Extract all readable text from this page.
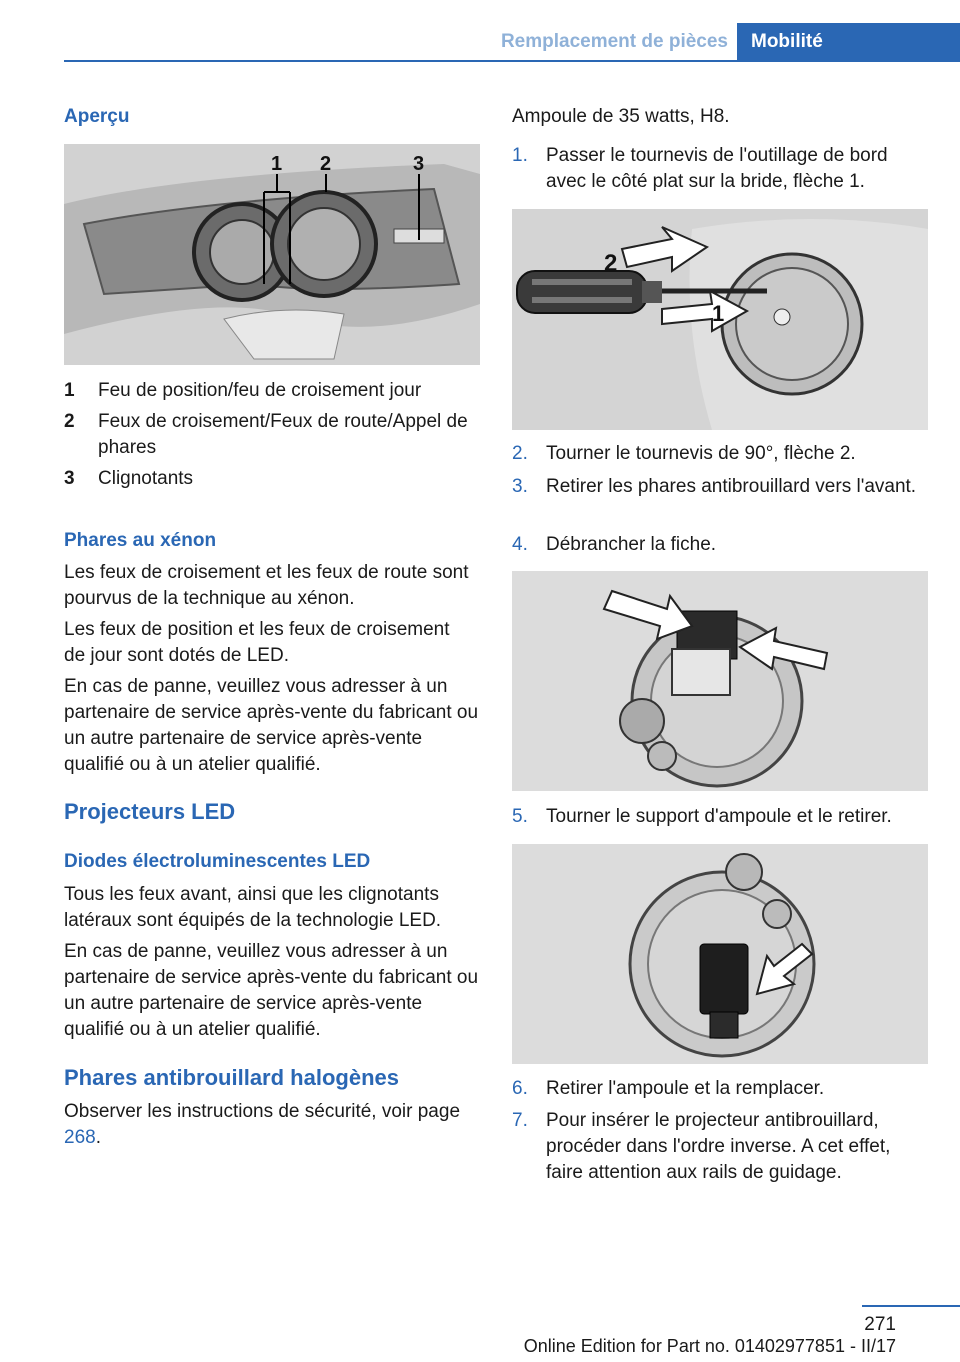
Remplacement de pièces	Mobilité
Aperçu
1 2	3
1	Feu de position/feu de croisement jour
2	Feux de croisement/Feux de route/Appel de phares
3	Clignotants
Phares au xénon

Les feux de croisement et les feux de route sont pourvus de la technique au xénon.

Les feux de position et les feux de croisement de jour sont dotés de LED.

En cas de panne, veuillez vous adresser à un partenaire de service après-vente du fabricant ou un autre partenaire de service après-vente qualifié ou à un atelier qualifié.

Projecteurs LED
Diodes électroluminescentes LED

Tous les feux avant, ainsi que les clignotants latéraux sont équipés de la technologie LED.

En cas de panne, veuillez vous adresser à un partenaire de service après-vente du fabricant ou un autre partenaire de service après-vente qualifié ou à un atelier qualifié.

Phares antibrouillard halogènes

Observer les instructions de sécurité, voir page 268.

Ampoule de 35 watts, H8.

1. Passer le tournevis de l'outillage de bord avec le côté plat sur la bride, flèche 1.
2
1
2. Tourner le tournevis de 90°, flèche 2.
3. Retirer les phares antibrouillard vers l'avant.
4. Débrancher la fiche.
5. Tourner le support d'ampoule et le retirer.
6. Retirer l'ampoule et la remplacer.
7. Pour insérer le projecteur antibrouillard, procéder dans l'ordre inverse. A cet effet, faire attention aux rails de guidage.
271
Online Edition for Part no. 01402977851 - II/17
